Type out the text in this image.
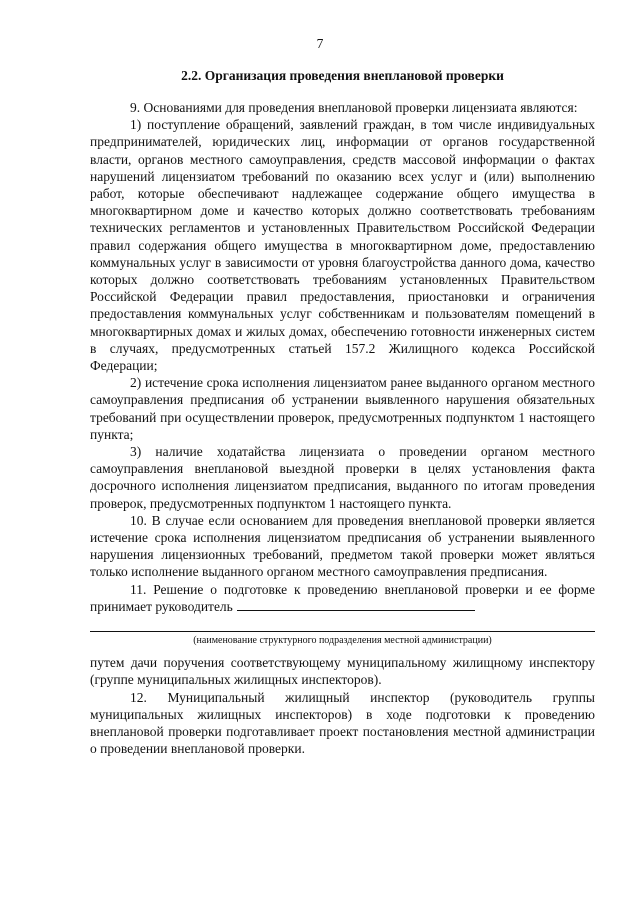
7
2.2. Организация проведения внеплановой проверки

9. Основаниями для проведения внеплановой проверки лицензиата являются:

1) поступление обращений, заявлений граждан, в том числе индивидуальных предпринимателей, юридических лиц, информации от органов государственной власти, органов местного самоуправления, средств массовой информации о фактах нарушений лицензиатом требований по оказанию всех услуг и (или) выполнению работ, которые обеспечивают надлежащее содержание общего имущества в многоквартирном доме и качество которых должно соответствовать требованиям технических регламентов и установленных Правительством Российской Федерации правил содержания общего имущества в многоквартирном доме, предоставлению коммунальных услуг в зависимости от уровня благоустройства данного дома, качество которых должно соответствовать требованиям установленных Правительством Российской Федерации правил предоставления, приостановки и ограничения предоставления коммунальных услуг собственникам и пользователям помещений в многоквартирных домах и жилых домах, обеспечению готовности инженерных систем в случаях, предусмотренных статьей 157.2 Жилищного кодекса Российской Федерации;

2) истечение срока исполнения лицензиатом ранее выданного органом местного самоуправления предписания об устранении выявленного нарушения обязательных требований при осуществлении проверок, предусмотренных подпунктом 1 настоящего пункта;

3) наличие ходатайства лицензиата о проведении органом местного самоуправления внеплановой выездной проверки в целях установления факта досрочного исполнения лицензиатом предписания, выданного по итогам проведения проверок, предусмотренных подпунктом 1 настоящего пункта.

10. В случае если основанием для проведения внеплановой проверки является истечение срока исполнения лицензиатом предписания об устранении выявленного нарушения лицензионных требований, предметом такой проверки может являться только исполнение выданного органом местного самоуправления предписания.

11. Решение о подготовке к проведению внеплановой проверки и ее форме принимает руководитель

(наименование структурного подразделения местной администрации)

путем дачи поручения соответствующему муниципальному жилищному инспектору (группе муниципальных жилищных инспекторов).

12. Муниципальный жилищный инспектор (руководитель группы муниципальных жилищных инспекторов) в ходе подготовки к проведению внеплановой проверки подготавливает проект постановления местной администрации о проведении внеплановой проверки.
